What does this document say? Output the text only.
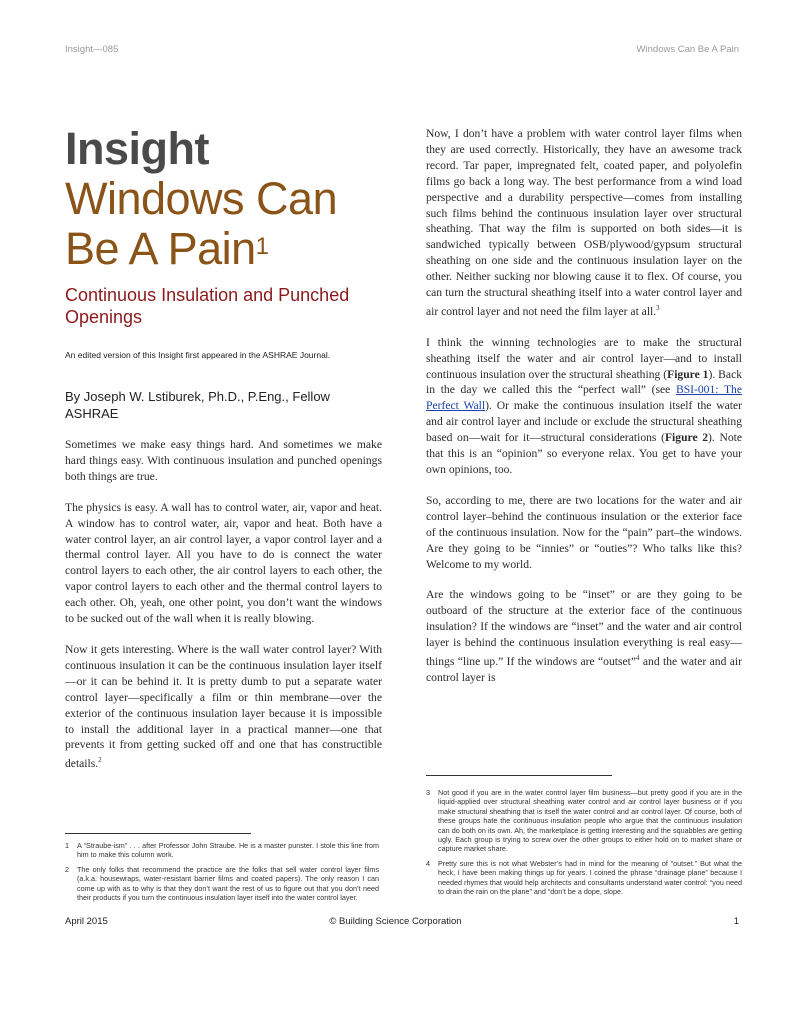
Insight—085	Windows Can Be A Pain
Insight
Windows Can
Be A Pain$^1$
Continuous Insulation and Punched Openings
An edited version of this Insight first appeared in the ASHRAE Journal.
By Joseph W. Lstiburek, Ph.D., P.Eng., Fellow ASHRAE

Sometimes we make easy things hard. And sometimes we make hard things easy. With continuous insulation and punched openings both things are true.

The physics is easy. A wall has to control water, air, vapor and heat. A window has to control water, air, vapor and heat. Both have a water control layer, an air control layer, a vapor control layer and a thermal control layer. All you have to do is connect the water control layers to each other, the air control layers to each other, the vapor control layers to each other and the thermal control layers to each other. Oh, yeah, one other point, you don’t want the windows to be sucked out of the wall when it is really blowing.

Now it gets interesting. Where is the wall water control layer? With continuous insulation it can be the continuous insulation layer itself—or it can be behind it. It is pretty dumb to put a separate water control layer—specifically a film or thin membrane—over the exterior of the continuous insulation layer because it is impossible to install the additional layer in a practical manner—one that prevents it from getting sucked off and one that has constructible details.$^2$

Now, I don’t have a problem with water control layer films when they are used correctly. Historically, they have an awesome track record. Tar paper, impregnated felt, coated paper, and polyolefin films go back a long way. The best performance from a wind load perspective and a durability perspective—comes from installing such films behind the continuous insulation layer over structural sheathing. That way the film is supported on both sides—it is sandwiched typically between OSB/plywood/gypsum structural sheathing on one side and the continuous insulation layer on the other. Neither sucking nor blowing cause it to flex. Of course, you can turn the structural sheathing itself into a water control layer and air control layer and not need the film layer at all.$^3$

I think the winning technologies are to make the structural sheathing itself the water and air control layer—and to install continuous insulation over the structural sheathing (Figure 1). Back in the day we called this the “perfect wall” (see BSI-001: The Perfect Wall). Or make the continuous insulation itself the water and air control layer and include or exclude the structural sheathing based on—wait for it—structural considerations (Figure 2). Note that this is an “opinion” so everyone relax. You get to have your own opinions, too.

So, according to me, there are two locations for the water and air control layer–behind the continuous insulation or the exterior face of the continuous insulation. Now for the “pain” part–the windows. Are they going to be “innies” or “outies”? Who talks like this? Welcome to my world.

Are the windows going to be “inset” or are they going to be outboard of the structure at the exterior face of the continuous insulation? If the windows are “inset” and the water and air control layer is behind the continuous insulation everything is real easy—things “line up.” If the windows are “outset”$^4$ and the water and air control layer is

1	A “Straube-ism” . . . after Professor John Straube. He is a master punster. I stole this line from him to make this column work.
2	The only folks that recommend the practice are the folks that sell water control layer films (a.k.a. housewraps, water-resistant barrier films and coated papers). The only reason I can come up with as to why is that they don’t want the rest of us to figure out that you don’t need their products if you turn the continuous insulation layer itself into the water control layer.
3	Not good if you are in the water control layer film business—but pretty good if you are in the liquid-applied over structural sheathing water control and air control layer business or if you make structural sheathing that is itself the water control and air control layer. Of course, both of these groups hate the continuous insulation people who argue that the continuous insulation can do both on its own. Ah, the marketplace is getting interesting and the squabbles are getting ugly. Each group is trying to screw over the other groups to either hold on to market share or capture market share.
4	Pretty sure this is not what Webster’s had in mind for the meaning of “outset.” But what the heck, I have been making things up for years. I coined the phrase “drainage plane” because I needed rhymes that would help architects and consultants understand water control: “you need to drain the rain on the plane” and “don’t be a dope, slope.
April 2015	© Building Science Corporation	1
